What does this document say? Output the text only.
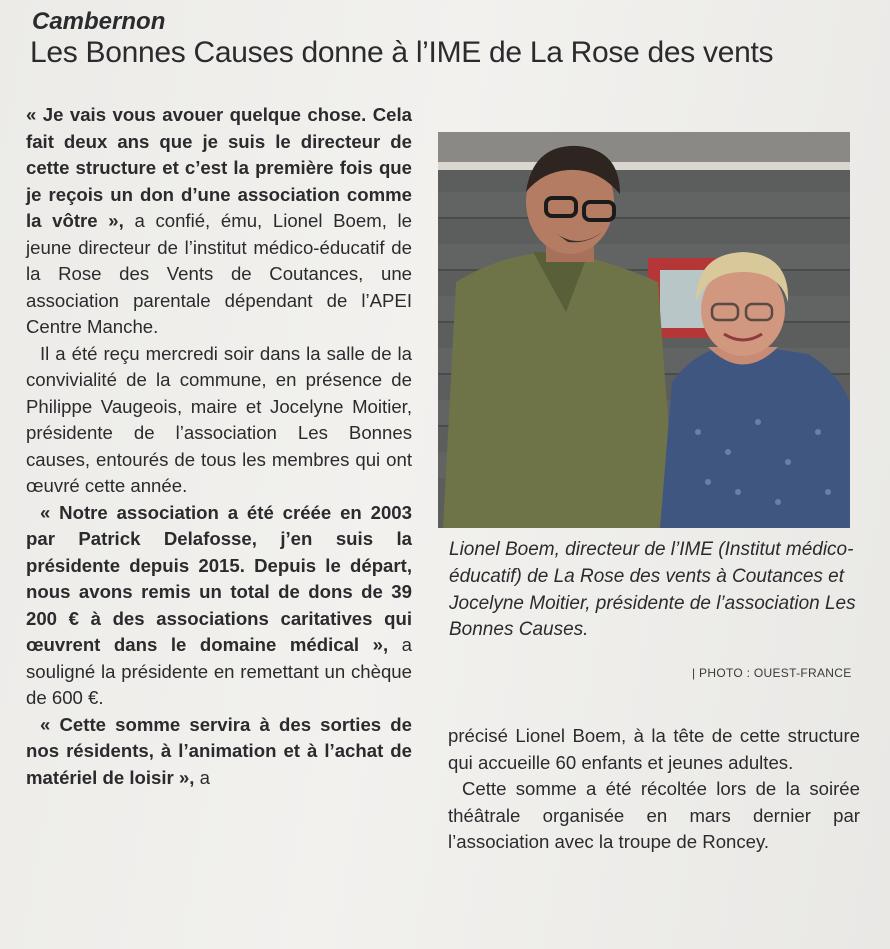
Cambernon
Les Bonnes Causes donne à l’IME de La Rose des vents

« Je vais vous avouer quelque chose. Cela fait deux ans que je suis le directeur de cette structure et c’est la première fois que je reçois un don d’une association comme la vôtre », a confié, ému, Lionel Boem, le jeune directeur de l’institut médico-éducatif de la Rose des Vents de Coutances, une association parentale dépendant de l’APEI Centre Manche.

Il a été reçu mercredi soir dans la salle de la convivialité de la commune, en présence de Philippe Vaugeois, maire et Jocelyne Moitier, présidente de l’association Les Bonnes causes, entourés de tous les membres qui ont œuvré cette année.

« Notre association a été créée en 2003 par Patrick Delafosse, j’en suis la présidente depuis 2015. Depuis le départ, nous avons remis un total de dons de 39 200 € à des associations caritatives qui œuvrent dans le domaine médical », a souligné la présidente en remettant un chèque de 600 €.

« Cette somme servira à des sorties de nos résidents, à l’animation et à l’achat de matériel de loisir », a

Lionel Boem, directeur de l’IME (Institut médico-éducatif) de La Rose des vents à Coutances et Jocelyne Moitier, présidente de l’association Les Bonnes Causes.
| PHOTO : OUEST-FRANCE

précisé Lionel Boem, à la tête de cette structure qui accueille 60 enfants et jeunes adultes.

Cette somme a été récoltée lors de la soirée théâtrale organisée en mars dernier par l’association avec la troupe de Roncey.
